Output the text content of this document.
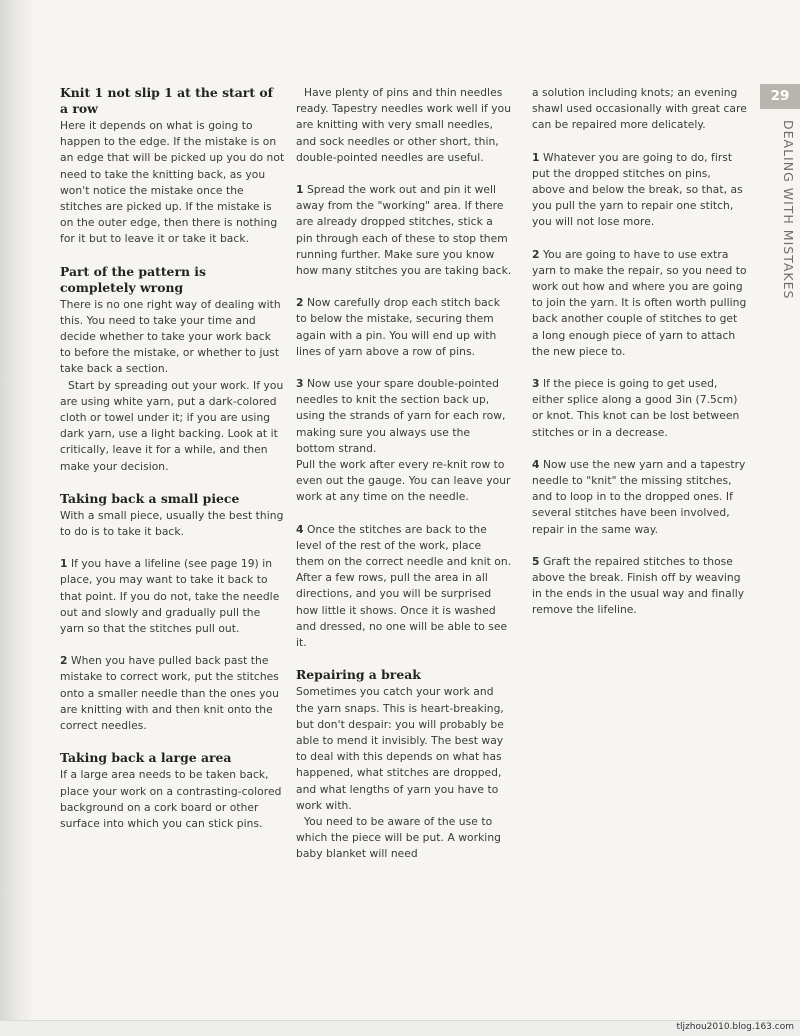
Knit 1 not slip 1 at the start of a row

Here it depends on what is going to happen to the edge. If the mistake is on an edge that will be picked up you do not need to take the knitting back, as you won't notice the mistake once the stitches are picked up. If the mistake is on the outer edge, then there is nothing for it but to leave it or take it back.

Part of the pattern is completely wrong

There is no one right way of dealing with this. You need to take your time and decide whether to take your work back to before the mistake, or whether to just take back a section.

Start by spreading out your work. If you are using white yarn, put a dark-colored cloth or towel under it; if you are using dark yarn, use a light backing. Look at it critically, leave it for a while, and then make your decision.

Taking back a small piece

With a small piece, usually the best thing to do is to take it back.

1 If you have a lifeline (see page 19) in place, you may want to take it back to that point. If you do not, take the needle out and slowly and gradually pull the yarn so that the stitches pull out.

2 When you have pulled back past the mistake to correct work, put the stitches onto a smaller needle than the ones you are knitting with and then knit onto the correct needles.

Taking back a large area

If a large area needs to be taken back, place your work on a contrasting-colored background on a cork board or other surface into which you can stick pins.

Have plenty of pins and thin needles ready. Tapestry needles work well if you are knitting with very small needles, and sock needles or other short, thin, double-pointed needles are useful.

1 Spread the work out and pin it well away from the "working" area. If there are already dropped stitches, stick a pin through each of these to stop them running further. Make sure you know how many stitches you are taking back.

2 Now carefully drop each stitch back to below the mistake, securing them again with a pin. You will end up with lines of yarn above a row of pins.

3 Now use your spare double-pointed needles to knit the section back up, using the strands of yarn for each row, making sure you always use the bottom strand.

Pull the work after every re-knit row to even out the gauge. You can leave your work at any time on the needle.

4 Once the stitches are back to the level of the rest of the work, place them on the correct needle and knit on. After a few rows, pull the area in all directions, and you will be surprised how little it shows. Once it is washed and dressed, no one will be able to see it.

Repairing a break

Sometimes you catch your work and the yarn snaps. This is heart-breaking, but don't despair: you will probably be able to mend it invisibly. The best way to deal with this depends on what has happened, what stitches are dropped, and what lengths of yarn you have to work with.

You need to be aware of the use to which the piece will be put. A working baby blanket will need

a solution including knots; an evening shawl used occasionally with great care can be repaired more delicately.

1 Whatever you are going to do, first put the dropped stitches on pins, above and below the break, so that, as you pull the yarn to repair one stitch, you will not lose more.

2 You are going to have to use extra yarn to make the repair, so you need to work out how and where you are going to join the yarn. It is often worth pulling back another couple of stitches to get a long enough piece of yarn to attach the new piece to.

3 If the piece is going to get used, either splice along a good 3in (7.5cm) or knot. This knot can be lost between stitches or in a decrease.

4 Now use the new yarn and a tapestry needle to "knit" the missing stitches, and to loop in to the dropped ones. If several stitches have been involved, repair in the same way.

5 Graft the repaired stitches to those above the break. Finish off by weaving in the ends in the usual way and finally remove the lifeline.

29
DEALING WITH MISTAKES
tljzhou2010.blog.163.com
